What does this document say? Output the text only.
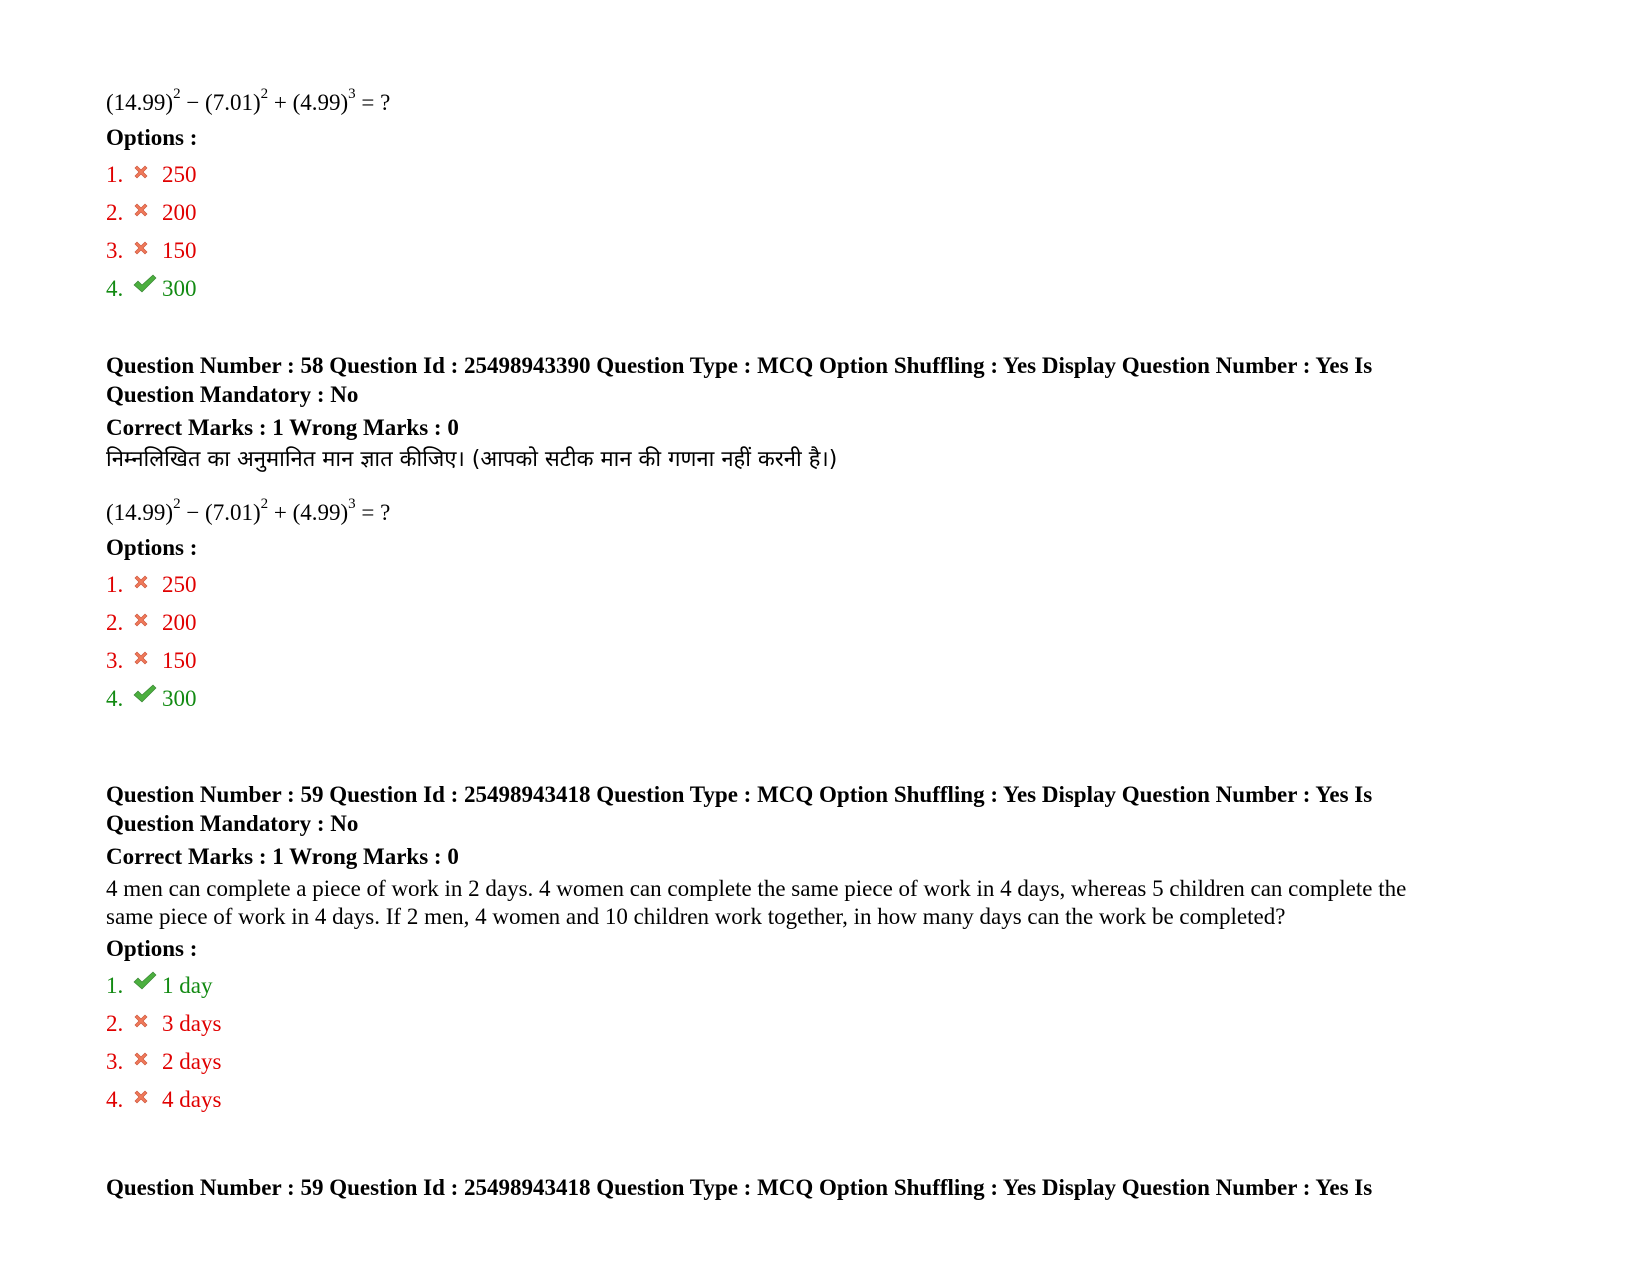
$(14.99)^2 - (7.01)^2 + (4.99)^3$ = ?
Options :
1.	250
2.	200
3.	150
4.	300
Question Number : 58 Question Id : 25498943390 Question Type : MCQ Option Shuffling : Yes Display Question Number : Yes Is
Question Mandatory : No
Correct Marks : 1 Wrong Marks : 0
निम्नलिखित का अनुमानित मान ज्ञात कीजिए। (आपको सटीक मान की गणना नहीं करनी है।)
$(14.99)^2 - (7.01)^2 + (4.99)^3$ = ?
Options :
1.	250
2.	200
3.	150
4.	300
Question Number : 59 Question Id : 25498943418 Question Type : MCQ Option Shuffling : Yes Display Question Number : Yes Is
Question Mandatory : No
Correct Marks : 1 Wrong Marks : 0
4 men can complete a piece of work in 2 days. 4 women can complete the same piece of work in 4 days, whereas 5 children can complete the
same piece of work in 4 days. If 2 men, 4 women and 10 children work together, in how many days can the work be completed?
Options :
1.	1 day
2.	3 days
3.	2 days
4.	4 days
Question Number : 59 Question Id : 25498943418 Question Type : MCQ Option Shuffling : Yes Display Question Number : Yes Is
